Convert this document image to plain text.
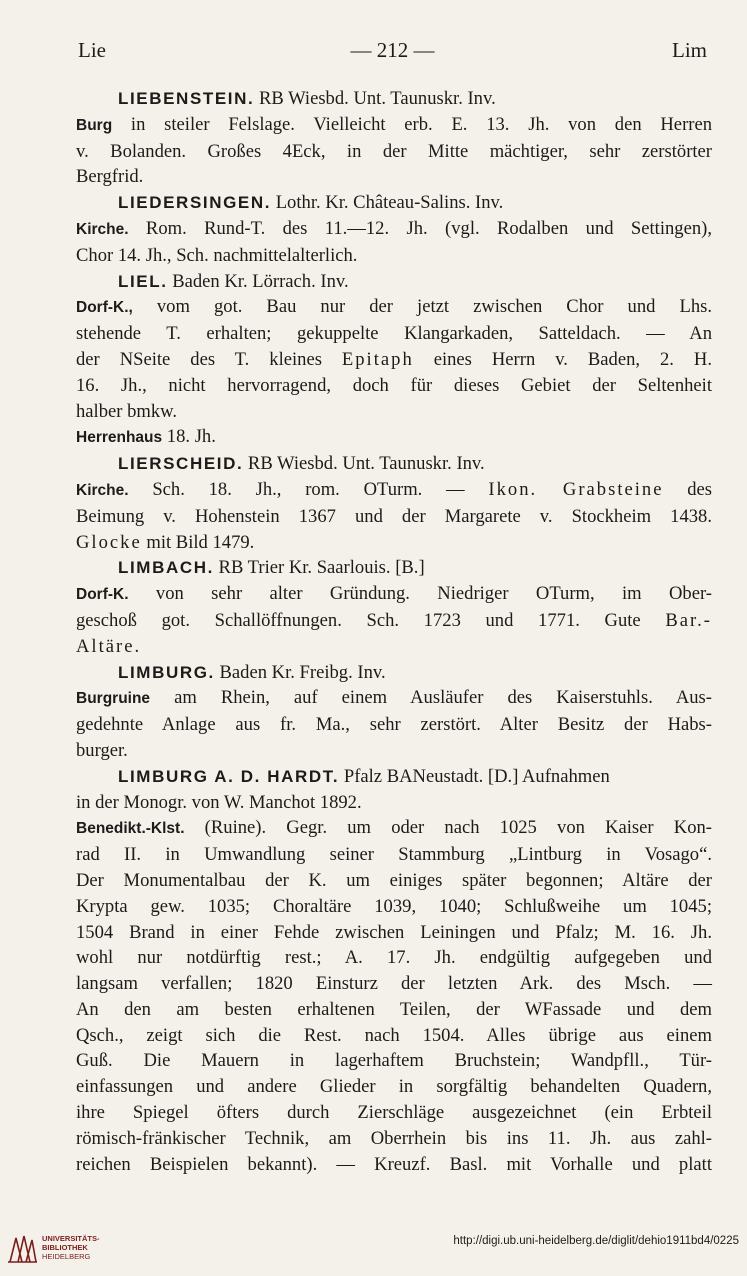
Lie	— 212 —	Lim

LIEBENSTEIN. RB Wiesbd. Unt. Taunuskr. Inv.

Burg in steiler Felslage. Vielleicht erb. E. 13. Jh. von den Herren

v. Bolanden. Großes 4Eck, in der Mitte mächtiger, sehr zerstörter

Bergfrid.

LIEDERSINGEN. Lothr. Kr. Château-Salins. Inv.

Kirche. Rom. Rund-T. des 11.—12. Jh. (vgl. Rodalben und Settingen),

Chor 14. Jh., Sch. nachmittelalterlich.

LIEL. Baden Kr. Lörrach. Inv.

Dorf-K., vom got. Bau nur der jetzt zwischen Chor und Lhs.

stehende T. erhalten; gekuppelte Klangarkaden, Satteldach. — An

der NSeite des T. kleines Epitaph eines Herrn v. Baden, 2. H.

16. Jh., nicht hervorragend, doch für dieses Gebiet der Seltenheit

halber bmkw.

Herrenhaus 18. Jh.

LIERSCHEID. RB Wiesbd. Unt. Taunuskr. Inv.

Kirche. Sch. 18. Jh., rom. OTurm. — Ikon. Grabsteine des

Beimung v. Hohenstein 1367 und der Margarete v. Stockheim 1438.

Glocke mit Bild 1479.

LIMBACH. RB Trier Kr. Saarlouis. [B.]

Dorf-K. von sehr alter Gründung. Niedriger OTurm, im Ober-

geschoß got. Schallöffnungen. Sch. 1723 und 1771. Gute Bar.-

Altäre.

LIMBURG. Baden Kr. Freibg. Inv.

Burgruine am Rhein, auf einem Ausläufer des Kaiserstuhls. Aus-

gedehnte Anlage aus fr. Ma., sehr zerstört. Alter Besitz der Habs-

burger.

LIMBURG A. D. HARDT. Pfalz BANeustadt. [D.] Aufnahmen

in der Monogr. von W. Manchot 1892.

Benedikt.-Klst. (Ruine). Gegr. um oder nach 1025 von Kaiser Kon-

rad II. in Umwandlung seiner Stammburg „Lintburg in Vosago“.

Der Monumentalbau der K. um einiges später begonnen; Altäre der

Krypta gew. 1035; Choraltäre 1039, 1040; Schlußweihe um 1045;

1504 Brand in einer Fehde zwischen Leiningen und Pfalz; M. 16. Jh.

wohl nur notdürftig rest.; A. 17. Jh. endgültig aufgegeben und

langsam verfallen; 1820 Einsturz der letzten Ark. des Msch. —

An den am besten erhaltenen Teilen, der WFassade und dem

Qsch., zeigt sich die Rest. nach 1504. Alles übrige aus einem

Guß. Die Mauern in lagerhaftem Bruchstein; Wandpfll., Tür-

einfassungen und andere Glieder in sorgfältig behandelten Quadern,

ihre Spiegel öfters durch Zierschläge ausgezeichnet (ein Erbteil

römisch-fränkischer Technik, am Oberrhein bis ins 11. Jh. aus zahl-

reichen Beispielen bekannt). — Kreuzf. Basl. mit Vorhalle und platt

UNIVERSITÄTS-
BIBLIOTHEK
HEIDELBERG
http://digi.ub.uni-heidelberg.de/diglit/dehio1911bd4/0225
